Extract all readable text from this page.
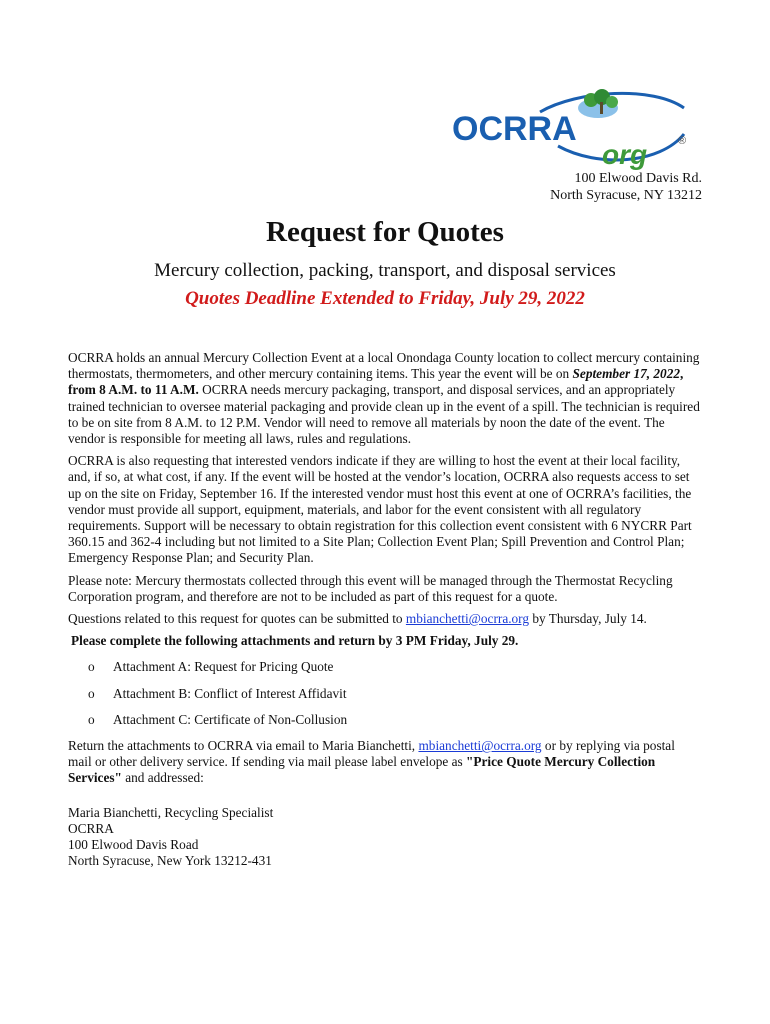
OCRRA
org	®
100 Elwood Davis Rd.
North Syracuse, NY 13212
Request for Quotes
Mercury collection, packing, transport, and disposal services
Quotes Deadline Extended to Friday, July 29, 2022

OCRRA holds an annual Mercury Collection Event at a local Onondaga County location to collect mercury containing thermostats, thermometers, and other mercury containing items. This year the event will be on September 17, 2022, from 8 A.M. to 11 A.M. OCRRA needs mercury packaging, transport, and disposal services, and an appropriately trained technician to oversee material packaging and provide clean up in the event of a spill. The technician is required to be on site from 8 A.M. to 12 P.M. Vendor will need to remove all materials by noon the date of the event. The vendor is responsible for meeting all laws, rules and regulations.

OCRRA is also requesting that interested vendors indicate if they are willing to host the event at their local facility, and, if so, at what cost, if any. If the event will be hosted at the vendor’s location, OCRRA also requests access to set up on the site on Friday, September 16. If the interested vendor must host this event at one of OCRRA’s facilities, the vendor must provide all support, equipment, materials, and labor for the event consistent with all regulatory requirements. Support will be necessary to obtain registration for this collection event consistent with 6 NYCRR Part 360.15 and 362-4 including but not limited to a Site Plan; Collection Event Plan; Spill Prevention and Control Plan; Emergency Response Plan; and Security Plan.

Please note: Mercury thermostats collected through this event will be managed through the Thermostat Recycling Corporation program, and therefore are not to be included as part of this request for a quote.

Questions related to this request for quotes can be submitted to mbianchetti@ocrra.org by Thursday, July 14.

Please complete the following attachments and return by 3 PM Friday, July 29.

o Attachment A: Request for Pricing Quote
o Attachment B: Conflict of Interest Affidavit
o Attachment C: Certificate of Non-Collusion

Return the attachments to OCRRA via email to Maria Bianchetti, mbianchetti@ocrra.org or by replying via postal mail or other delivery service. If sending via mail please label envelope as "Price Quote Mercury Collection Services" and addressed:

Maria Bianchetti, Recycling Specialist
OCRRA
100 Elwood Davis Road
North Syracuse, New York 13212-431
